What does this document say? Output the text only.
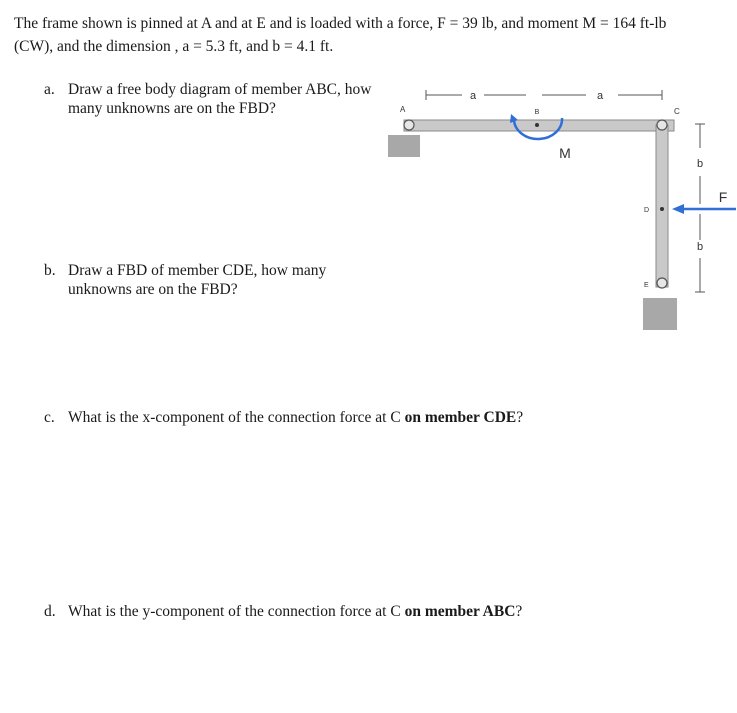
The frame shown is pinned at A and at E and is loaded with a force, F = 39 lb, and moment M = 164 ft-lb
(CW), and the dimension , a = 5.3 ft, and b = 4.1 ft.

a. Draw a free body diagram of member ABC, how
many unknowns are on the FBD?

b. Draw a FBD of member CDE, how many
unknowns are on the FBD?

c. What is the x-component of the connection force at C on member CDE?

d. What is the y-component of the connection force at C on member ABC?

a	a
A	B	C
D
E
M
b
b
F
